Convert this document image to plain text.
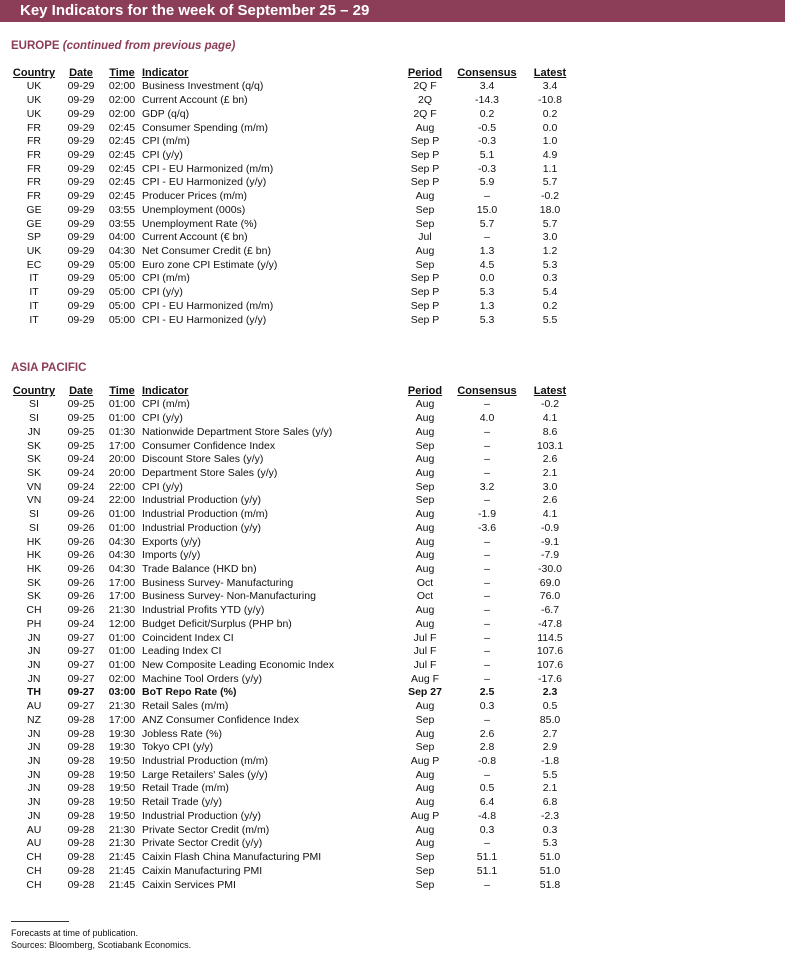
Key Indicators for the week of September 25 – 29
EUROPE (continued from previous page)
Country	Date	Time	Indicator	Period	Consensus	Latest
UK	09-29	02:00	Business Investment (q/q)	2Q F	3.4	3.4
UK	09-29	02:00	Current Account (£ bn)	2Q	-14.3	-10.8
UK	09-29	02:00	GDP (q/q)	2Q F	0.2	0.2
FR	09-29	02:45	Consumer Spending (m/m)	Aug	-0.5	0.0
FR	09-29	02:45	CPI (m/m)	Sep P	-0.3	1.0
FR	09-29	02:45	CPI (y/y)	Sep P	5.1	4.9
FR	09-29	02:45	CPI - EU Harmonized (m/m)	Sep P	-0.3	1.1
FR	09-29	02:45	CPI - EU Harmonized (y/y)	Sep P	5.9	5.7
FR	09-29	02:45	Producer Prices (m/m)	Aug	–	-0.2
GE	09-29	03:55	Unemployment (000s)	Sep	15.0	18.0
GE	09-29	03:55	Unemployment Rate (%)	Sep	5.7	5.7
SP	09-29	04:00	Current Account (€ bn)	Jul	–	3.0
UK	09-29	04:30	Net Consumer Credit (£ bn)	Aug	1.3	1.2
EC	09-29	05:00	Euro zone CPI Estimate (y/y)	Sep	4.5	5.3
IT	09-29	05:00	CPI (m/m)	Sep P	0.0	0.3
IT	09-29	05:00	CPI (y/y)	Sep P	5.3	5.4
IT	09-29	05:00	CPI - EU Harmonized (m/m)	Sep P	1.3	0.2
IT	09-29	05:00	CPI - EU Harmonized (y/y)	Sep P	5.3	5.5
ASIA PACIFIC
Country	Date	Time	Indicator	Period	Consensus	Latest
SI	09-25	01:00	CPI (m/m)	Aug	–	-0.2
SI	09-25	01:00	CPI (y/y)	Aug	4.0	4.1
JN	09-25	01:30	Nationwide Department Store Sales (y/y)	Aug	–	8.6
SK	09-25	17:00	Consumer Confidence Index	Sep	–	103.1
SK	09-24	20:00	Discount Store Sales (y/y)	Aug	–	2.6
SK	09-24	20:00	Department Store Sales (y/y)	Aug	–	2.1
VN	09-24	22:00	CPI (y/y)	Sep	3.2	3.0
VN	09-24	22:00	Industrial Production (y/y)	Sep	–	2.6
SI	09-26	01:00	Industrial Production (m/m)	Aug	-1.9	4.1
SI	09-26	01:00	Industrial Production (y/y)	Aug	-3.6	-0.9
HK	09-26	04:30	Exports (y/y)	Aug	–	-9.1
HK	09-26	04:30	Imports (y/y)	Aug	–	-7.9
HK	09-26	04:30	Trade Balance (HKD bn)	Aug	–	-30.0
SK	09-26	17:00	Business Survey- Manufacturing	Oct	–	69.0
SK	09-26	17:00	Business Survey- Non-Manufacturing	Oct	–	76.0
CH	09-26	21:30	Industrial Profits YTD (y/y)	Aug	–	-6.7
PH	09-24	12:00	Budget Deficit/Surplus (PHP bn)	Aug	–	-47.8
JN	09-27	01:00	Coincident Index CI	Jul F	–	114.5
JN	09-27	01:00	Leading Index CI	Jul F	–	107.6
JN	09-27	01:00	New Composite Leading Economic Index	Jul F	–	107.6
JN	09-27	02:00	Machine Tool Orders (y/y)	Aug F	–	-17.6
TH	09-27	03:00	BoT Repo Rate (%)	Sep 27	2.5	2.3
AU	09-27	21:30	Retail Sales (m/m)	Aug	0.3	0.5
NZ	09-28	17:00	ANZ Consumer Confidence Index	Sep	–	85.0
JN	09-28	19:30	Jobless Rate (%)	Aug	2.6	2.7
JN	09-28	19:30	Tokyo CPI (y/y)	Sep	2.8	2.9
JN	09-28	19:50	Industrial Production (m/m)	Aug P	-0.8	-1.8
JN	09-28	19:50	Large Retailers' Sales (y/y)	Aug	–	5.5
JN	09-28	19:50	Retail Trade (m/m)	Aug	0.5	2.1
JN	09-28	19:50	Retail Trade (y/y)	Aug	6.4	6.8
JN	09-28	19:50	Industrial Production (y/y)	Aug P	-4.8	-2.3
AU	09-28	21:30	Private Sector Credit (m/m)	Aug	0.3	0.3
AU	09-28	21:30	Private Sector Credit (y/y)	Aug	–	5.3
CH	09-28	21:45	Caixin Flash China Manufacturing PMI	Sep	51.1	51.0
CH	09-28	21:45	Caixin Manufacturing PMI	Sep	51.1	51.0
CH	09-28	21:45	Caixin Services PMI	Sep	–	51.8
Forecasts at time of publication.
Sources: Bloomberg, Scotiabank Economics.
